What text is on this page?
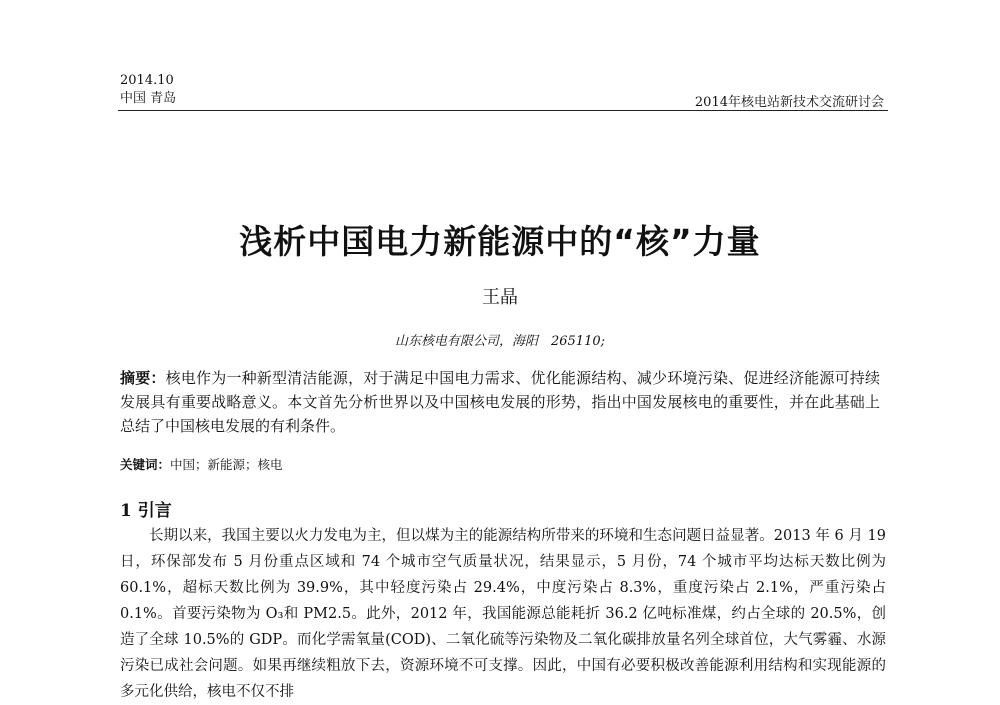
2014.10
中国 青岛	2014年核电站新技术交流研讨会
浅析中国电力新能源中的“核”力量
王晶
山东核电有限公司，海阳　265110;
摘要：核电作为一种新型清洁能源，对于满足中国电力需求、优化能源结构、减少环境污染、促进经济能源可持续发展具有重要战略意义。本文首先分析世界以及中国核电发展的形势，指出中国发展核电的重要性，并在此基础上总结了中国核电发展的有利条件。
关键词：中国；新能源；核电
1 引言
长期以来，我国主要以火力发电为主，但以煤为主的能源结构所带来的环境和生态问题日益显著。2013 年 6 月 19 日，环保部发布 5 月份重点区域和 74 个城市空气质量状况，结果显示，5 月份，74 个城市平均达标天数比例为 60.1%，超标天数比例为 39.9%，其中轻度污染占 29.4%，中度污染占 8.3%，重度污染占 2.1%，严重污染占 0.1%。首要污染物为 O₃和 PM2.5。此外，2012 年，我国能源总能耗折 36.2 亿吨标准煤，约占全球的 20.5%，创造了全球 10.5%的 GDP。而化学需氧量(COD)、二氧化硫等污染物及二氧化碳排放量名列全球首位，大气雾霾、水源污染已成社会问题。如果再继续粗放下去，资源环境不可支撑。因此，中国有必要积极改善能源利用结构和实现能源的多元化供给，核电不仅不排
